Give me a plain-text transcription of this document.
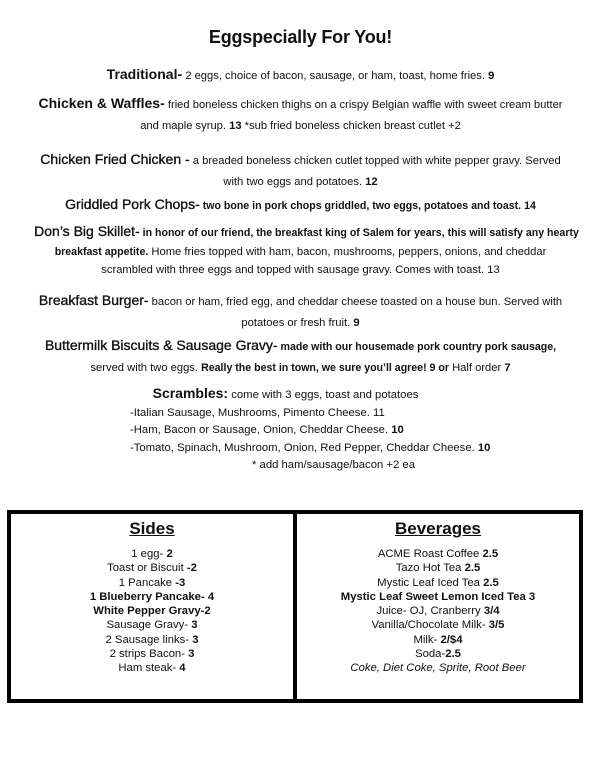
Eggspecially For You!
Traditional- 2 eggs, choice of bacon, sausage, or ham, toast, home fries. 9
Chicken & Waffles- fried boneless chicken thighs on a crispy Belgian waffle with sweet cream butter
and maple syrup. 13 *sub fried boneless chicken breast cutlet +2
Chicken Fried Chicken - a breaded boneless chicken cutlet topped with white pepper gravy. Served
with two eggs and potatoes. 12
Griddled Pork Chops- two bone in pork chops griddled, two eggs, potatoes and toast. 14
Don’s Big Skillet- in honor of our friend, the breakfast king of Salem for years, this will satisfy any hearty
breakfast appetite. Home fries topped with ham, bacon, mushrooms, peppers, onions, and cheddar
scrambled with three eggs and topped with sausage gravy. Comes with toast. 13
Breakfast Burger- bacon or ham, fried egg, and cheddar cheese toasted on a house bun. Served with
potatoes or fresh fruit. 9
Buttermilk Biscuits & Sausage Gravy- made with our housemade pork country pork sausage,
served with two eggs. Really the best in town, we sure you’ll agree! 9 or Half order 7
Scrambles: come with 3 eggs, toast and potatoes
-Italian Sausage, Mushrooms, Pimento Cheese. 11
-Ham, Bacon or Sausage, Onion, Cheddar Cheese. 10
-Tomato, Spinach, Mushroom, Onion, Red Pepper, Cheddar Cheese. 10
* add ham/sausage/bacon +2 ea
Sides
1 egg- 2
Toast or Biscuit -2
1 Pancake -3
1 Blueberry Pancake- 4
White Pepper Gravy-2
Sausage Gravy- 3
2 Sausage links- 3
2 strips Bacon- 3
Ham steak- 4
Beverages
ACME Roast Coffee 2.5
Tazo Hot Tea 2.5
Mystic Leaf Iced Tea 2.5
Mystic Leaf Sweet Lemon Iced Tea 3
Juice- OJ, Cranberry 3/4
Vanilla/Chocolate Milk- 3/5
Milk- 2/$4
Soda-2.5
Coke, Diet Coke, Sprite, Root Beer
